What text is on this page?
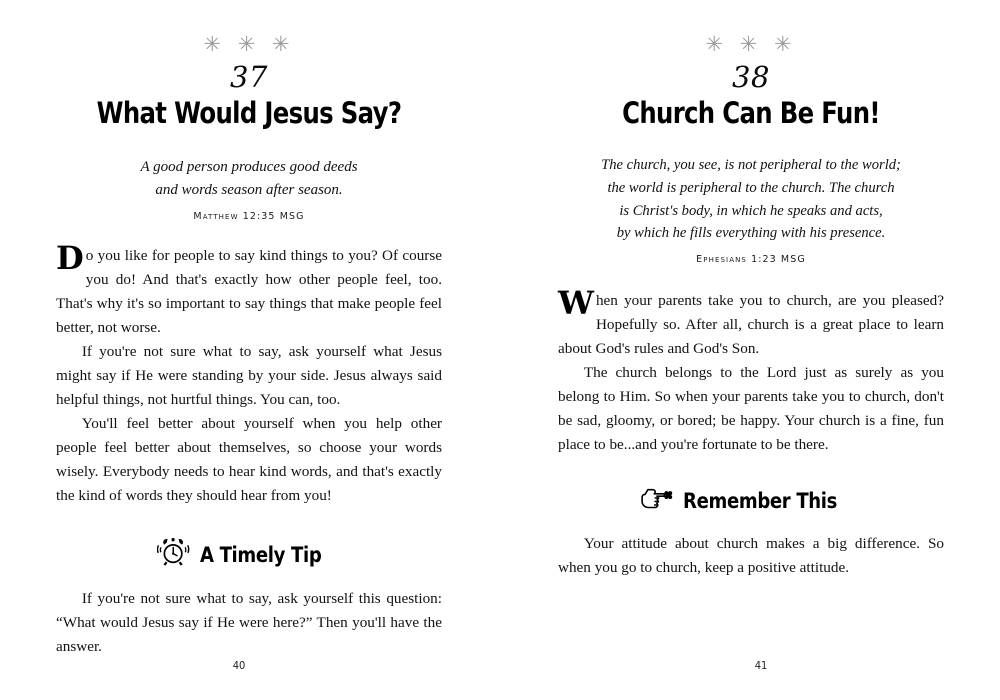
✳ ✳ ✳
37
What Would Jesus Say?
A good person produces good deeds
and words season after season.
Matthew 12:35 MSG

Do you like for people to say kind things to you? Of course you do! And that's exactly how other people feel, too. That's why it's so important to say things that make people feel better, not worse.

If you're not sure what to say, ask yourself what Jesus might say if He were standing by your side. Jesus always said helpful things, not hurtful things. You can, too.

You'll feel better about yourself when you help other people feel better about themselves, so choose your words wisely. Everybody needs to hear kind words, and that's exactly the kind of words they should hear from you!

A Timely Tip

If you're not sure what to say, ask yourself this question: “What would Jesus say if He were here?” Then you'll have the answer.

40
✳ ✳ ✳
38
Church Can Be Fun!
The church, you see, is not peripheral to the world;
the world is peripheral to the church. The church
is Christ's body, in which he speaks and acts,
by which he fills everything with his presence.
Ephesians 1:23 MSG

When your parents take you to church, are you pleased? Hopefully so. After all, church is a great place to learn about God's rules and God's Son.

The church belongs to the Lord just as surely as you belong to Him. So when your parents take you to church, don't be sad, gloomy, or bored; be happy. Your church is a fine, fun place to be...and you're fortunate to be there.

Remember This

Your attitude about church makes a big difference. So when you go to church, keep a positive attitude.

41
